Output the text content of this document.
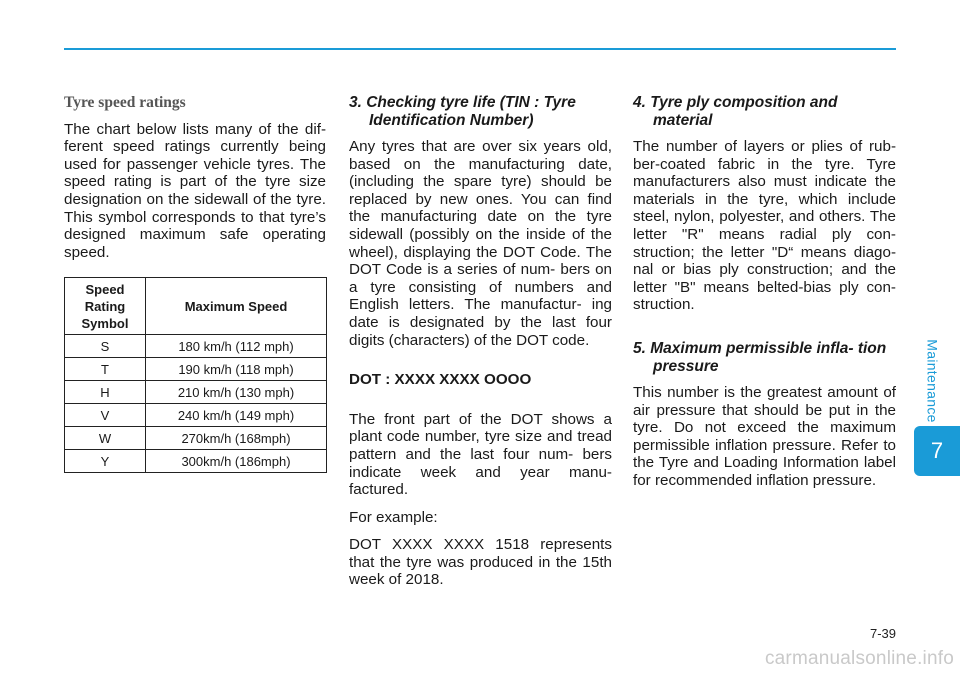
Tyre speed ratings

The chart below lists many of the dif- ferent speed ratings currently being used for passenger vehicle tyres. The speed rating is part of the tyre size designation on the sidewall of the tyre. This symbol corresponds to that tyre’s designed maximum safe operating speed.

Speed Rating Symbol	Maximum Speed
S	180 km/h (112 mph)
T	190 km/h (118 mph)
H	210 km/h (130 mph)
V	240 km/h (149 mph)
W	270km/h (168mph)
Y	300km/h (186mph)
3. Checking tyre life (TIN : Tyre Identification Number)

Any tyres that are over six years old, based on the manufacturing date, (including the spare tyre) should be replaced by new ones. You can find the manufacturing date on the tyre sidewall (possibly on the inside of the wheel), displaying the DOT Code. The DOT Code is a series of num- bers on a tyre consisting of numbers and English letters. The manufactur- ing date is designated by the last four digits (characters) of the DOT code.

DOT : XXXX XXXX OOOO

The front part of the DOT shows a plant code number, tyre size and tread pattern and the last four num- bers indicate week and year manu- factured.

For example:

DOT XXXX XXXX 1518 represents that the tyre was produced in the 15th week of 2018.

4. Tyre ply composition and material

The number of layers or plies of rub- ber-coated fabric in the tyre. Tyre manufacturers also must indicate the materials in the tyre, which include steel, nylon, polyester, and others. The letter "R" means radial ply con- struction; the letter "D“ means diago- nal or bias ply construction; and the letter "B" means belted-bias ply con- struction.

5. Maximum permissible infla- tion pressure

This number is the greatest amount of air pressure that should be put in the tyre. Do not exceed the maximum permissible inflation pressure. Refer to the Tyre and Loading Information label for recommended inflation pressure.

Maintenance
7
7-39
carmanualsonline.info
